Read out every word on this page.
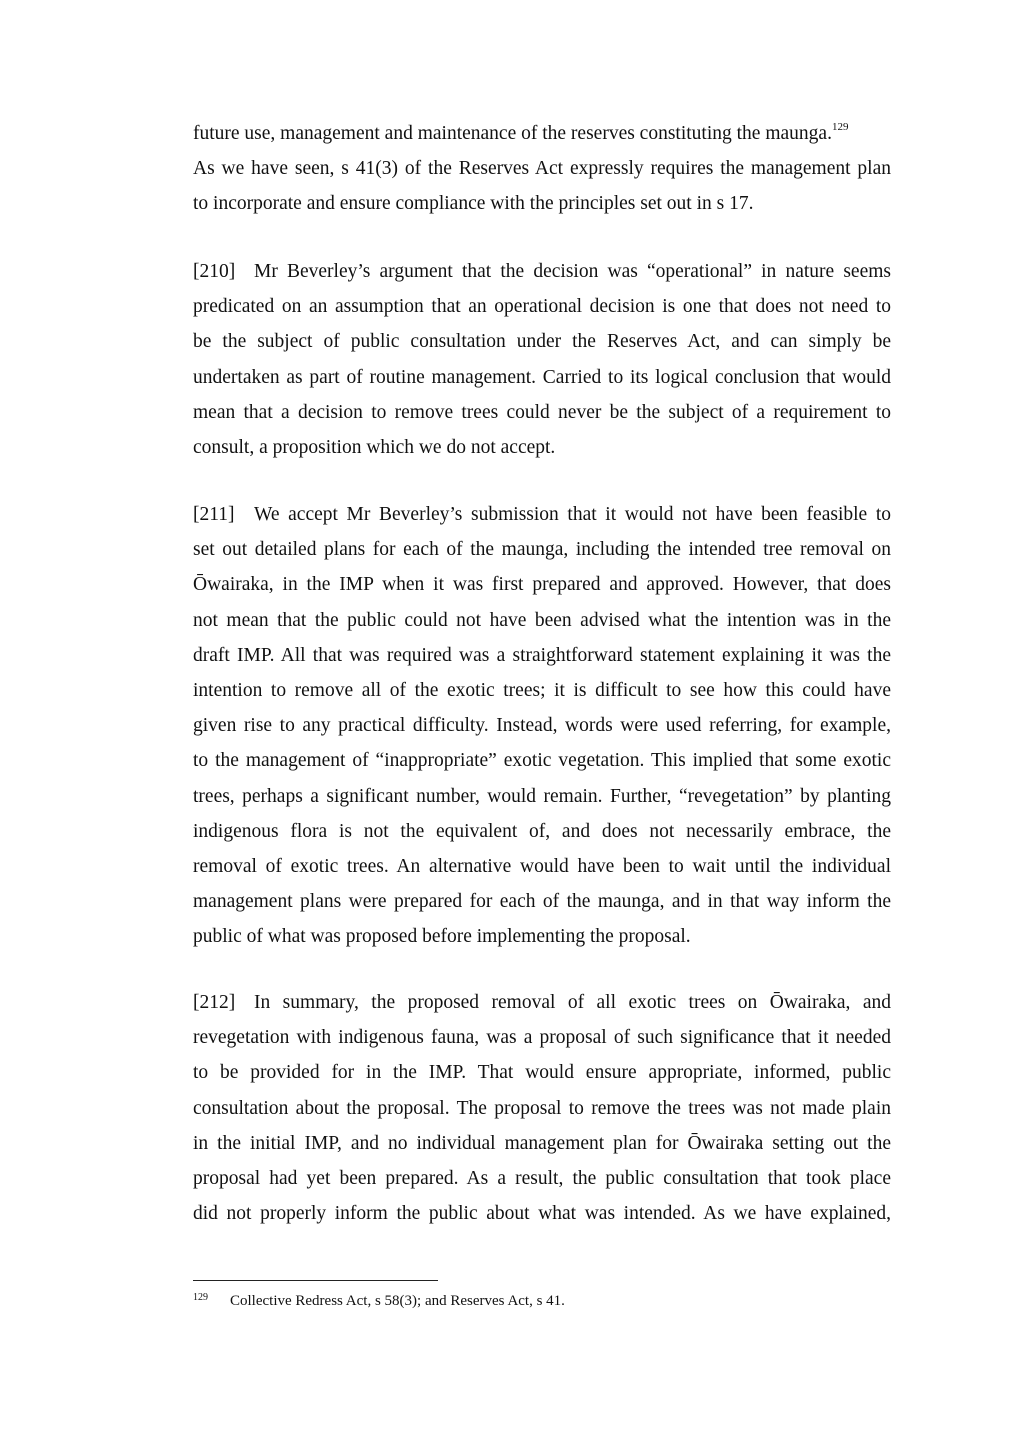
future use, management and maintenance of the reserves constituting the maunga.$^{129}$
As we have seen, s 41(3) of the Reserves Act expressly requires the management plan
to incorporate and ensure compliance with the principles set out in s 17.
[210] Mr Beverley’s argument that the decision was “operational” in nature seems
predicated on an assumption that an operational decision is one that does not need to
be the subject of public consultation under the Reserves Act, and can simply be
undertaken as part of routine management. Carried to its logical conclusion that would
mean that a decision to remove trees could never be the subject of a requirement to
consult, a proposition which we do not accept.
[211] We accept Mr Beverley’s submission that it would not have been feasible to
set out detailed plans for each of the maunga, including the intended tree removal on
Ōwairaka, in the IMP when it was first prepared and approved. However, that does
not mean that the public could not have been advised what the intention was in the
draft IMP. All that was required was a straightforward statement explaining it was the
intention to remove all of the exotic trees; it is difficult to see how this could have
given rise to any practical difficulty. Instead, words were used referring, for example,
to the management of “inappropriate” exotic vegetation. This implied that some exotic
trees, perhaps a significant number, would remain. Further, “revegetation” by planting
indigenous flora is not the equivalent of, and does not necessarily embrace, the
removal of exotic trees. An alternative would have been to wait until the individual
management plans were prepared for each of the maunga, and in that way inform the
public of what was proposed before implementing the proposal.
[212] In summary, the proposed removal of all exotic trees on Ōwairaka, and
revegetation with indigenous fauna, was a proposal of such significance that it needed
to be provided for in the IMP. That would ensure appropriate, informed, public
consultation about the proposal. The proposal to remove the trees was not made plain
in the initial IMP, and no individual management plan for Ōwairaka setting out the
proposal had yet been prepared. As a result, the public consultation that took place
did not properly inform the public about what was intended. As we have explained,
129 Collective Redress Act, s 58(3); and Reserves Act, s 41.
